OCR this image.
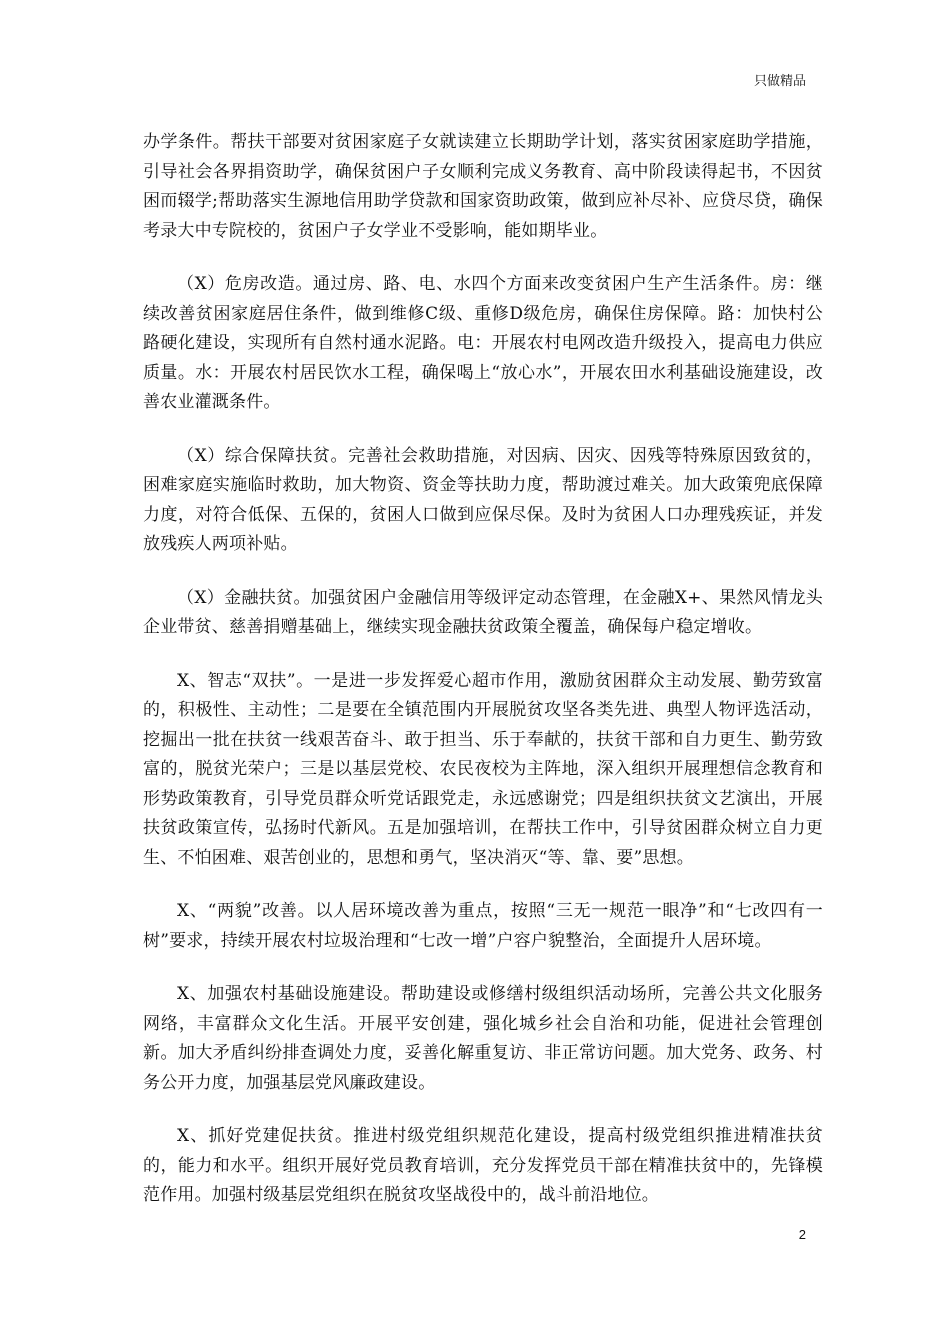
只做精品

办学条件。帮扶干部要对贫困家庭子女就读建立长期助学计划，落实贫困家庭助学措施，引导社会各界捐资助学，确保贫困户子女顺利完成义务教育、高中阶段读得起书，不因贫困而辍学;帮助落实生源地信用助学贷款和国家资助政策，做到应补尽补、应贷尽贷，确保考录大中专院校的，贫困户子女学业不受影响，能如期毕业。

（X）危房改造。通过房、路、电、水四个方面来改变贫困户生产生活条件。房：继续改善贫困家庭居住条件，做到维修C级、重修D级危房，确保住房保障。路：加快村公路硬化建设，实现所有自然村通水泥路。电：开展农村电网改造升级投入，提高电力供应质量。水：开展农村居民饮水工程，确保喝上“放心水”，开展农田水利基础设施建设，改善农业灌溉条件。

（X）综合保障扶贫。完善社会救助措施，对因病、因灾、因残等特殊原因致贫的，困难家庭实施临时救助，加大物资、资金等扶助力度，帮助渡过难关。加大政策兜底保障力度，对符合低保、五保的，贫困人口做到应保尽保。及时为贫困人口办理残疾证，并发放残疾人两项补贴。

（X）金融扶贫。加强贫困户金融信用等级评定动态管理，在金融X+、果然风情龙头企业带贫、慈善捐赠基础上，继续实现金融扶贫政策全覆盖，确保每户稳定增收。

X、智志“双扶”。一是进一步发挥爱心超市作用，激励贫困群众主动发展、勤劳致富的，积极性、主动性；二是要在全镇范围内开展脱贫攻坚各类先进、典型人物评选活动，挖掘出一批在扶贫一线艰苦奋斗、敢于担当、乐于奉献的，扶贫干部和自力更生、勤劳致富的，脱贫光荣户；三是以基层党校、农民夜校为主阵地，深入组织开展理想信念教育和形势政策教育，引导党员群众听党话跟党走，永远感谢党；四是组织扶贫文艺演出，开展扶贫政策宣传，弘扬时代新风。五是加强培训，在帮扶工作中，引导贫困群众树立自力更生、不怕困难、艰苦创业的，思想和勇气，坚决消灭“等、靠、要”思想。

X、“两貌”改善。以人居环境改善为重点，按照“三无一规范一眼净”和“七改四有一树”要求，持续开展农村垃圾治理和“七改一增”户容户貌整治，全面提升人居环境。

X、加强农村基础设施建设。帮助建设或修缮村级组织活动场所，完善公共文化服务网络，丰富群众文化生活。开展平安创建，强化城乡社会自治和功能，促进社会管理创新。加大矛盾纠纷排查调处力度，妥善化解重复访、非正常访问题。加大党务、政务、村务公开力度，加强基层党风廉政建设。

X、抓好党建促扶贫。推进村级党组织规范化建设，提高村级党组织推进精准扶贫的，能力和水平。组织开展好党员教育培训，充分发挥党员干部在精准扶贫中的，先锋模范作用。加强村级基层党组织在脱贫攻坚战役中的，战斗前沿地位。

2
